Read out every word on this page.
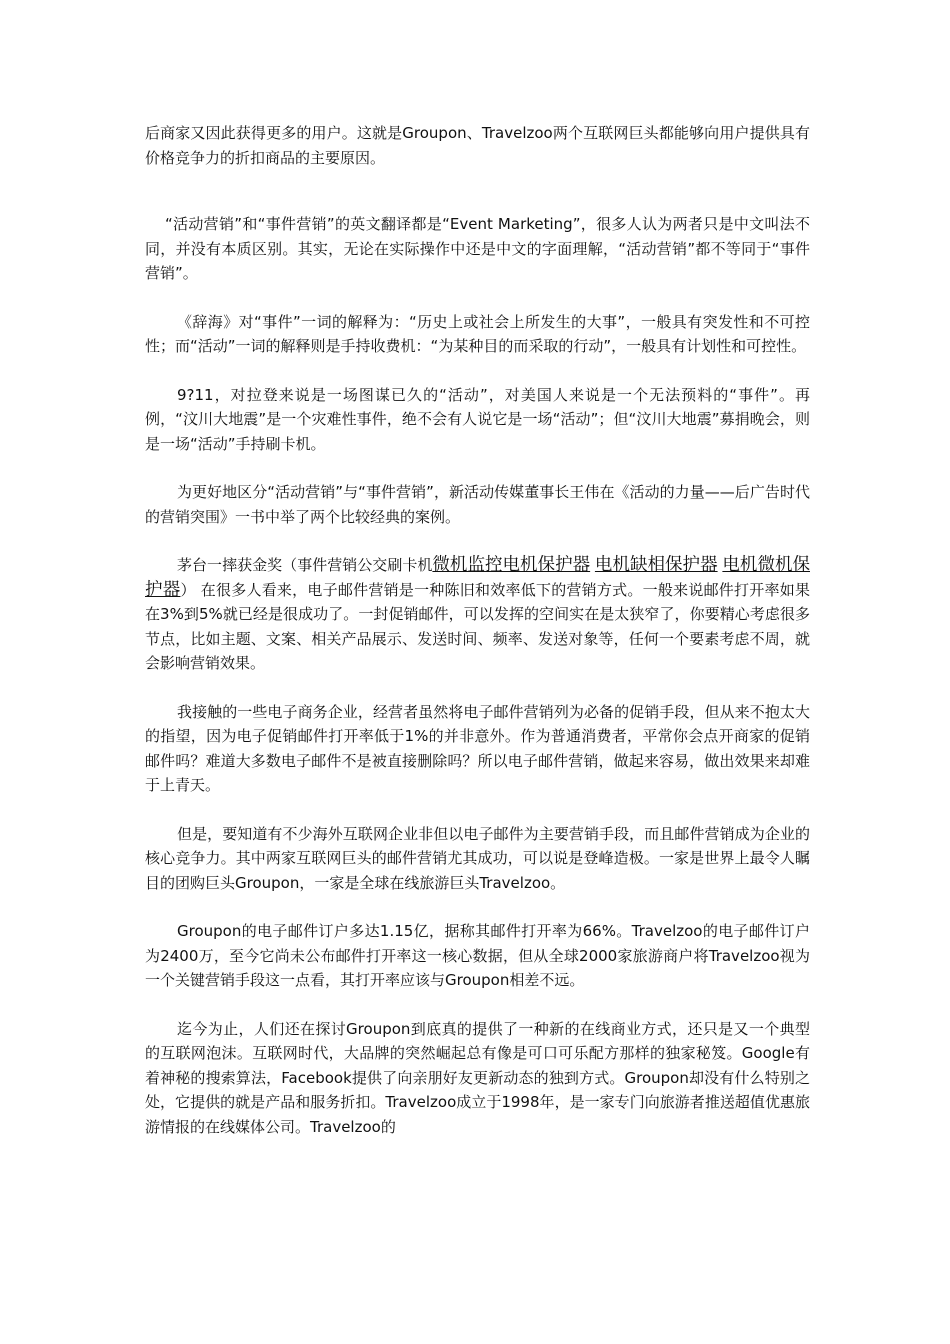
后商家又因此获得更多的用户。这就是Groupon、Travelzoo两个互联网巨头都能够向用户提供具有价格竞争力的折扣商品的主要原因。

“活动营销”和“事件营销”的英文翻译都是“Event Marketing”，很多人认为两者只是中文叫法不同，并没有本质区别。其实，无论在实际操作中还是中文的字面理解，“活动营销”都不等同于“事件营销”。

《辞海》对“事件”一词的解释为：“历史上或社会上所发生的大事”，一般具有突发性和不可控性；而“活动”一词的解释则是手持收费机：“为某种目的而采取的行动”，一般具有计划性和可控性。

9?11，对拉登来说是一场图谋已久的“活动”，对美国人来说是一个无法预料的“事件”。再例，“汶川大地震”是一个灾难性事件，绝不会有人说它是一场“活动”；但“汶川大地震”募捐晚会，则是一场“活动”手持刷卡机。

为更好地区分“活动营销”与“事件营销”，新活动传媒董事长王伟在《活动的力量——后广告时代的营销突围》一书中举了两个比较经典的案例。

茅台一摔获金奖（事件营销公交刷卡机微机监控电机保护器 电机缺相保护器 电机微机保护器） 在很多人看来，电子邮件营销是一种陈旧和效率低下的营销方式。一般来说邮件打开率如果在3%到5%就已经是很成功了。一封促销邮件，可以发挥的空间实在是太狭窄了，你要精心考虑很多节点，比如主题、文案、相关产品展示、发送时间、频率、发送对象等，任何一个要素考虑不周，就会影响营销效果。

我接触的一些电子商务企业，经营者虽然将电子邮件营销列为必备的促销手段，但从来不抱太大的指望，因为电子促销邮件打开率低于1%的并非意外。作为普通消费者，平常你会点开商家的促销邮件吗？难道大多数电子邮件不是被直接删除吗？所以电子邮件营销，做起来容易，做出效果来却难于上青天。

但是，要知道有不少海外互联网企业非但以电子邮件为主要营销手段，而且邮件营销成为企业的核心竞争力。其中两家互联网巨头的邮件营销尤其成功，可以说是登峰造极。一家是世界上最令人瞩目的团购巨头Groupon，一家是全球在线旅游巨头Travelzoo。

Groupon的电子邮件订户多达1.15亿，据称其邮件打开率为66%。Travelzoo的电子邮件订户为2400万，至今它尚未公布邮件打开率这一核心数据，但从全球2000家旅游商户将Travelzoo视为一个关键营销手段这一点看，其打开率应该与Groupon相差不远。

迄今为止，人们还在探讨Groupon到底真的提供了一种新的在线商业方式，还只是又一个典型的互联网泡沫。互联网时代，大品牌的突然崛起总有像是可口可乐配方那样的独家秘笈。Google有着神秘的搜索算法，Facebook提供了向亲朋好友更新动态的独到方式。Groupon却没有什么特别之处，它提供的就是产品和服务折扣。Travelzoo成立于1998年，是一家专门向旅游者推送超值优惠旅游情报的在线媒体公司。Travelzoo的
